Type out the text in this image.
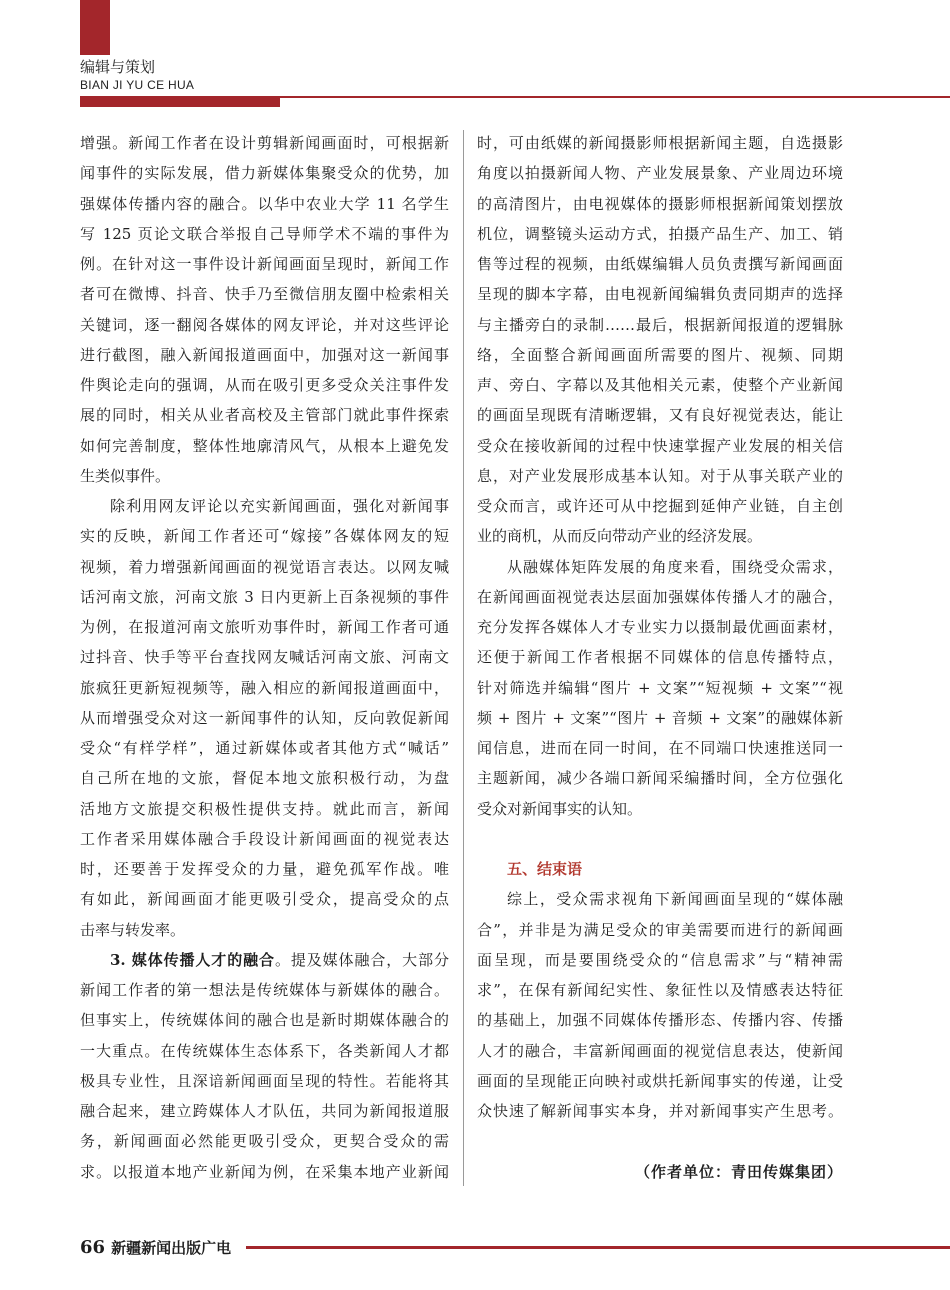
编辑与策划
BIAN JI YU CE HUA
增强。新闻工作者在设计剪辑新闻画面时，可根据新
闻事件的实际发展，借力新媒体集聚受众的优势，加
强媒体传播内容的融合。以华中农业大学 11 名学生
写 125 页论文联合举报自己导师学术不端的事件为
例。在针对这一事件设计新闻画面呈现时，新闻工作
者可在微博、抖音、快手乃至微信朋友圈中检索相关
关键词，逐一翻阅各媒体的网友评论，并对这些评论
进行截图，融入新闻报道画面中，加强对这一新闻事
件舆论走向的强调，从而在吸引更多受众关注事件发
展的同时，相关从业者高校及主管部门就此事件探索
如何完善制度，整体性地廓清风气，从根本上避免发
生类似事件。
除利用网友评论以充实新闻画面，强化对新闻事
实的反映，新闻工作者还可“嫁接”各媒体网友的短
视频，着力增强新闻画面的视觉语言表达。以网友喊
话河南文旅，河南文旅 3 日内更新上百条视频的事件
为例，在报道河南文旅听劝事件时，新闻工作者可通
过抖音、快手等平台查找网友喊话河南文旅、河南文
旅疯狂更新短视频等，融入相应的新闻报道画面中，
从而增强受众对这一新闻事件的认知，反向敦促新闻
受众“有样学样”，通过新媒体或者其他方式“喊话”
自己所在地的文旅，督促本地文旅积极行动，为盘
活地方文旅提交积极性提供支持。就此而言，新闻
工作者采用媒体融合手段设计新闻画面的视觉表达
时，还要善于发挥受众的力量，避免孤军作战。唯
有如此，新闻画面才能更吸引受众，提高受众的点
击率与转发率。
3. 媒体传播人才的融合。提及媒体融合，大部分
新闻工作者的第一想法是传统媒体与新媒体的融合。
但事实上，传统媒体间的融合也是新时期媒体融合的
一大重点。在传统媒体生态体系下，各类新闻人才都
极具专业性，且深谙新闻画面呈现的特性。若能将其
融合起来，建立跨媒体人才队伍，共同为新闻报道服
务，新闻画面必然能更吸引受众，更契合受众的需
求。以报道本地产业新闻为例，在采集本地产业新闻
时，可由纸媒的新闻摄影师根据新闻主题，自选摄影
角度以拍摄新闻人物、产业发展景象、产业周边环境
的高清图片，由电视媒体的摄影师根据新闻策划摆放
机位，调整镜头运动方式，拍摄产品生产、加工、销
售等过程的视频，由纸媒编辑人员负责撰写新闻画面
呈现的脚本字幕，由电视新闻编辑负责同期声的选择
与主播旁白的录制……最后，根据新闻报道的逻辑脉
络，全面整合新闻画面所需要的图片、视频、同期
声、旁白、字幕以及其他相关元素，使整个产业新闻
的画面呈现既有清晰逻辑，又有良好视觉表达，能让
受众在接收新闻的过程中快速掌握产业发展的相关信
息，对产业发展形成基本认知。对于从事关联产业的
受众而言，或许还可从中挖掘到延伸产业链，自主创
业的商机，从而反向带动产业的经济发展。
从融媒体矩阵发展的角度来看，围绕受众需求，
在新闻画面视觉表达层面加强媒体传播人才的融合，
充分发挥各媒体人才专业实力以摄制最优画面素材，
还便于新闻工作者根据不同媒体的信息传播特点，
针对筛选并编辑“图片 + 文案”“短视频 + 文案”“视
频 + 图片 + 文案”“图片 + 音频 + 文案”的融媒体新
闻信息，进而在同一时间，在不同端口快速推送同一
主题新闻，减少各端口新闻采编播时间，全方位强化
受众对新闻事实的认知。
五、结束语
综上，受众需求视角下新闻画面呈现的“媒体融
合”，并非是为满足受众的审美需要而进行的新闻画
面呈现，而是要围绕受众的“信息需求”与“精神需
求”，在保有新闻纪实性、象征性以及情感表达特征
的基础上，加强不同媒体传播形态、传播内容、传播
人才的融合，丰富新闻画面的视觉信息表达，使新闻
画面的呈现能正向映衬或烘托新闻事实的传递，让受
众快速了解新闻事实本身，并对新闻事实产生思考。
（作者单位：青田传媒集团）
66 新疆新闻出版广电
